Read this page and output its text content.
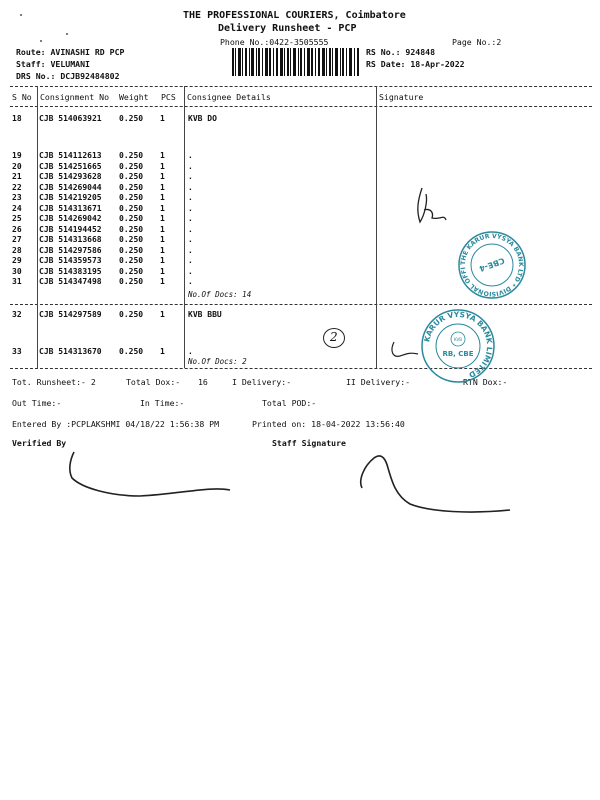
THE PROFESSIONAL COURIERS, Coimbatore
Delivery Runsheet - PCP
Phone No.:0422-3505555	Page No.:2
Route: AVINASHI RD PCP
Staff: VELUMANI
DRS No.: DCJB92484802
RS No.: 924848
RS Date: 18-Apr-2022
S No Consignment No Weight PCS Consignee Details	Signature
18 CJB 514063921 0.250 1	KVB DO
19 CJB 514112613 0.250 1	.
20 CJB 514251665 0.250 1	.
21 CJB 514293628 0.250 1	.
22 CJB 514269044 0.250 1	.
23 CJB 514219205 0.250 1	.
24 CJB 514313671 0.250 1	.
25 CJB 514269042 0.250 1	.
26 CJB 514194452 0.250 1	.
27 CJB 514313668 0.250 1	.
28 CJB 514297586 0.250 1	.
29 CJB 514359573 0.250 1	.
30 CJB 514383195 0.250 1	.
31 CJB 514347498 0.250 1	.
No.Of Docs: 14
32 CJB 514297589 0.250 1	KVB BBU
33 CJB 514313670 0.250 1	.
No.Of Docs: 2
Tot. Runsheet:- 2	Total Dox:- 16	I Delivery:-	II Delivery:-	RTN Dox:-
Out Time:-	In Time:-	Total POD:-
Entered By :PCPLAKSHMI 04/18/22 1:56:38 PM	Printed on: 18-04-2022 13:56:40
Verified By	Staff Signature
THE KARUR VYSYA BANK LTD * DIVISIONAL OFFI	CBE-4
KARUR VYSYA BANK LIMITED
KVB
RB, CBE

2
